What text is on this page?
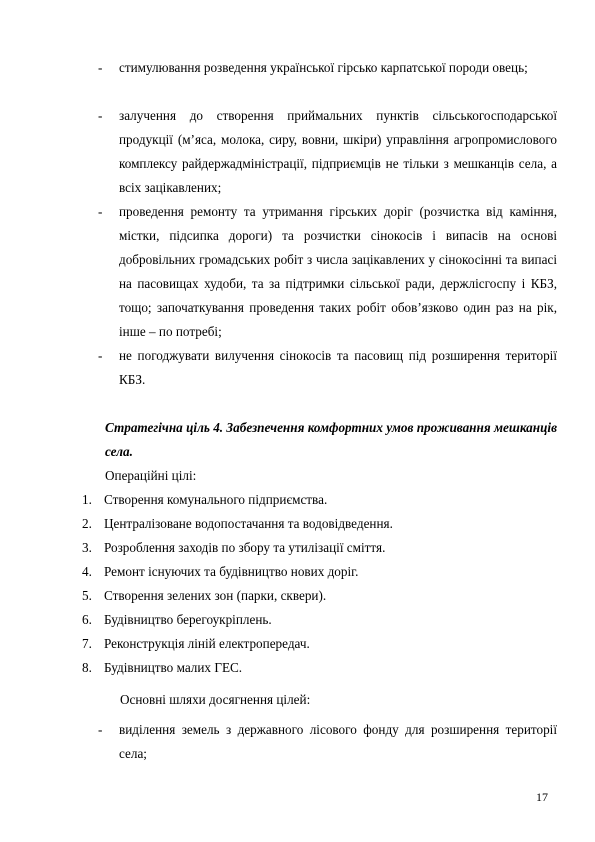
- стимулювання розведення української гірсько карпатської породи овець;
- залучення до створення приймальних пунктів сільськогосподарської продукції (м’яса, молока, сиру, вовни, шкіри) управління агропромислового комплексу райдержадміністрації, підприємців не тільки з мешканців села, а всіх зацікавлених;
- проведення ремонту та утримання гірських доріг (розчистка від каміння, містки, підсипка дороги) та розчистки сінокосів і випасів на основі добровільних громадських робіт з числа зацікавлених у сінокосінні та випасі на пасовищах худоби, та за підтримки сільської ради, держлісгоспу і КБЗ, тощо; започаткування проведення таких робіт обов’язково один раз на рік, інше – по потребі;
- не погоджувати вилучення сінокосів та пасовищ під розширення території КБЗ.
Стратегічна ціль 4. Забезпечення комфортних умов проживання мешканців села.
Операційні цілі:
1. Створення комунального підприємства.
2. Централізоване водопостачання та водовідведення.
3. Розроблення заходів по збору та утилізації сміття.
4. Ремонт існуючих та будівництво нових доріг.
5. Створення зелених зон (парки, сквери).
6. Будівництво берегоукріплень.
7. Реконструкція ліній електропередач.
8. Будівництво малих ГЕС.
Основні шляхи досягнення цілей:
- виділення земель з державного лісового фонду для розширення території села;
17
